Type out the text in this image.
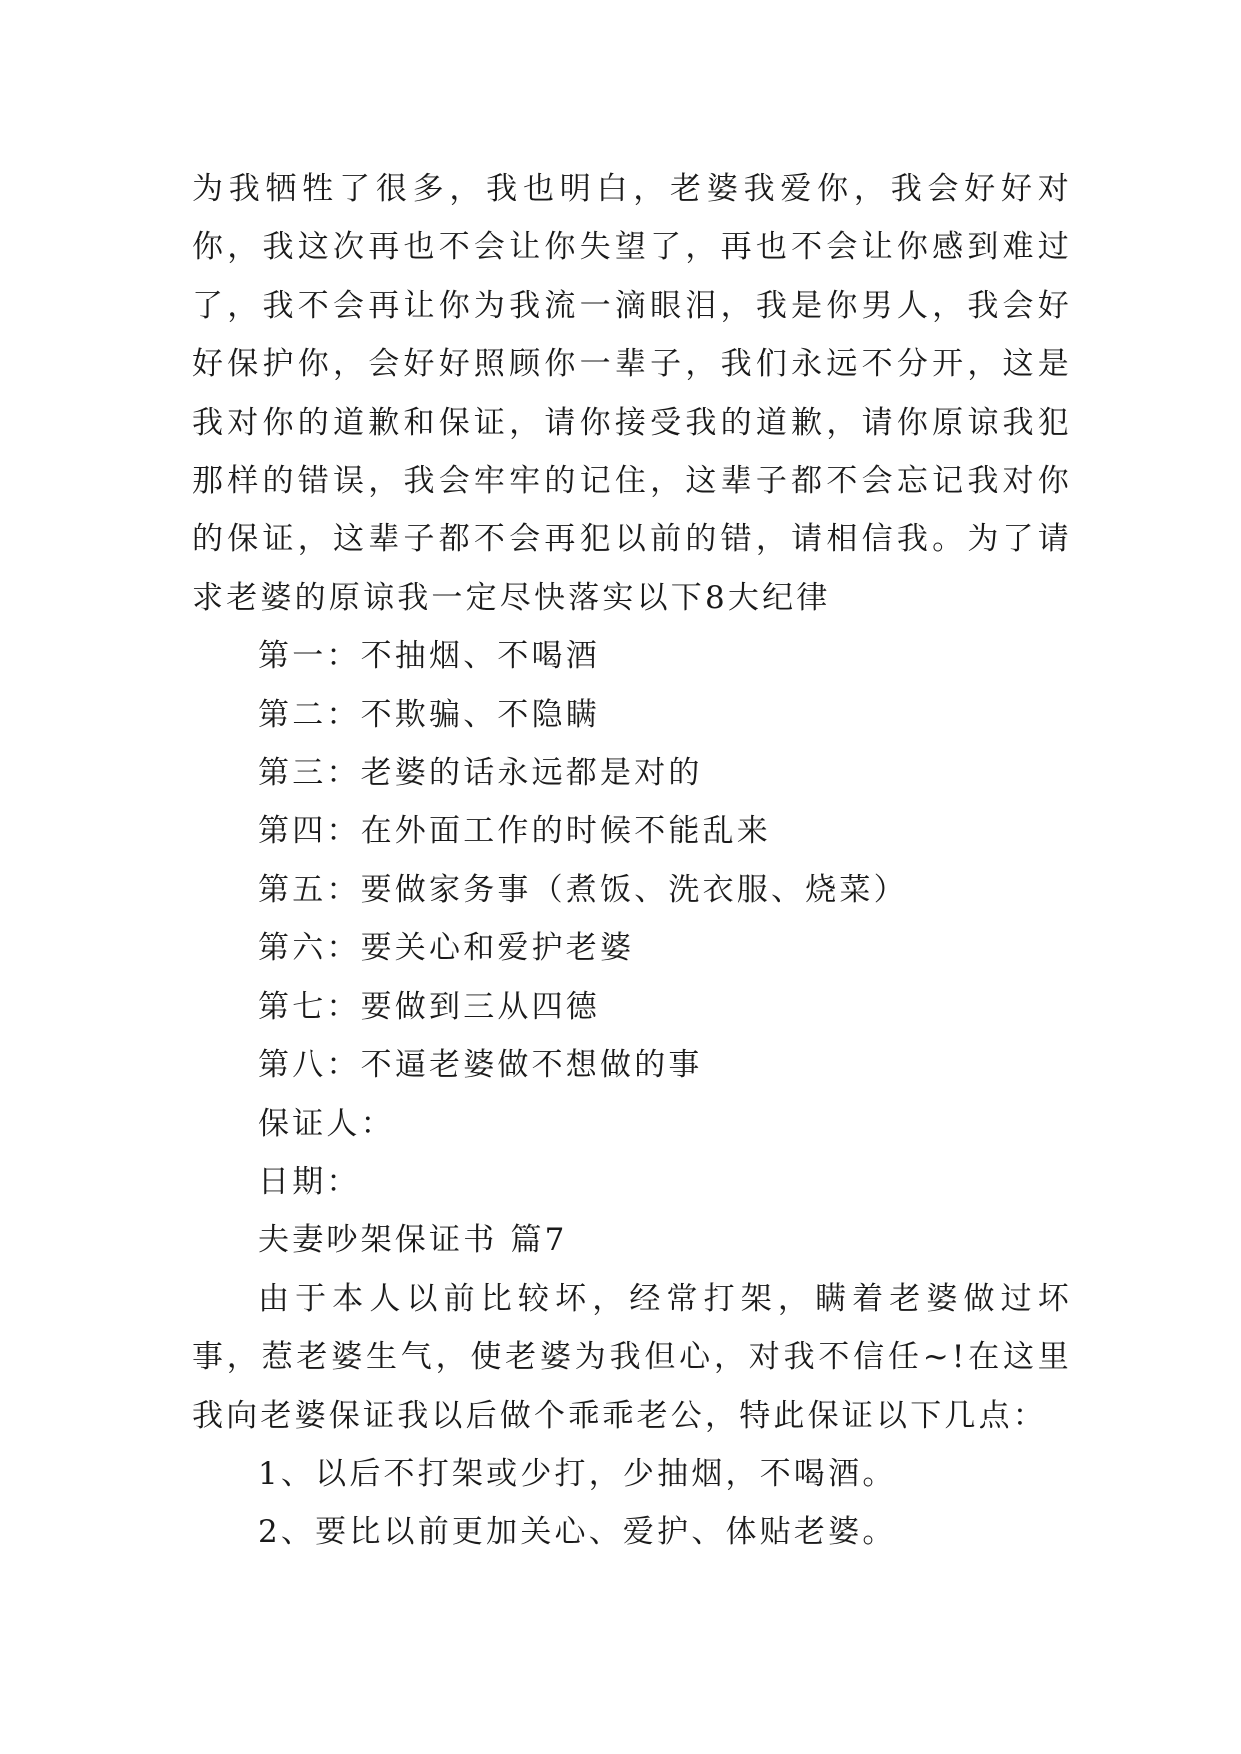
为我牺牲了很多，我也明白，老婆我爱你，我会好好对你，我这次再也不会让你失望了，再也不会让你感到难过了，我不会再让你为我流一滴眼泪，我是你男人，我会好好保护你，会好好照顾你一辈子，我们永远不分开，这是我对你的道歉和保证，请你接受我的道歉，请你原谅我犯那样的错误，我会牢牢的记住，这辈子都不会忘记我对你的保证，这辈子都不会再犯以前的错，请相信我。为了请求老婆的原谅我一定尽快落实以下8大纪律

第一：不抽烟、不喝酒

第二：不欺骗、不隐瞒

第三：老婆的话永远都是对的

第四：在外面工作的时候不能乱来

第五：要做家务事（煮饭、洗衣服、烧菜）

第六：要关心和爱护老婆

第七：要做到三从四德

第八：不逼老婆做不想做的事

保证人：

日期：

夫妻吵架保证书 篇7

由于本人以前比较坏，经常打架，瞒着老婆做过坏事，惹老婆生气，使老婆为我但心，对我不信任~!在这里我向老婆保证我以后做个乖乖老公，特此保证以下几点：

1、以后不打架或少打，少抽烟，不喝酒。

2、要比以前更加关心、爱护、体贴老婆。
